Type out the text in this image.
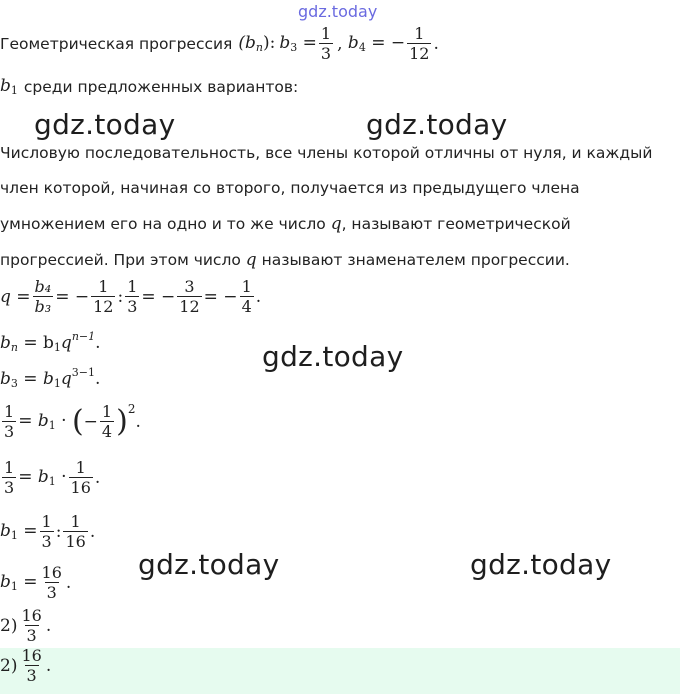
gdz.today
Геометрическая прогрессия $(b_n)$: $b_3 = \frac{1}{3}$ , $b_4$ = − $\frac{1}{12}$ .
$b_1$ среди предложенных вариантов:
gdz.today	gdz.today
Числовую последовательность, все члены которой отличны от нуля, и каждый
член которой, начиная со второго, получается из предыдущего члена
умножением его на одно и то же число q, называют геометрической
прогрессией. При этом число q называют знаменателем прогрессии.
$q = \frac{\text{b₄}}{\text{b₃}}$ = − $\frac{1}{12}$ : $\frac{1}{3}$ = − $\frac{3}{12}$ = − $\frac{1}{4}$ .
$b_n = b_1q^{n-1}$.	gdz.today
$b_3 = b_1q^{3-1}$.
$\frac{1}{3} = b_1$ · ( − $\frac{1}{4}$ ) 2
.
$\frac{1}{3} = b_1 \cdot \frac{1}{16}$ .
$b_1 = \frac{1}{3}$ : $\frac{1}{16}$ .
gdz.today	gdz.today
$b_1 = \frac{16}{3}$ .
$2) \frac{16}{3}$ .
$2) \frac{16}{3}$ .
